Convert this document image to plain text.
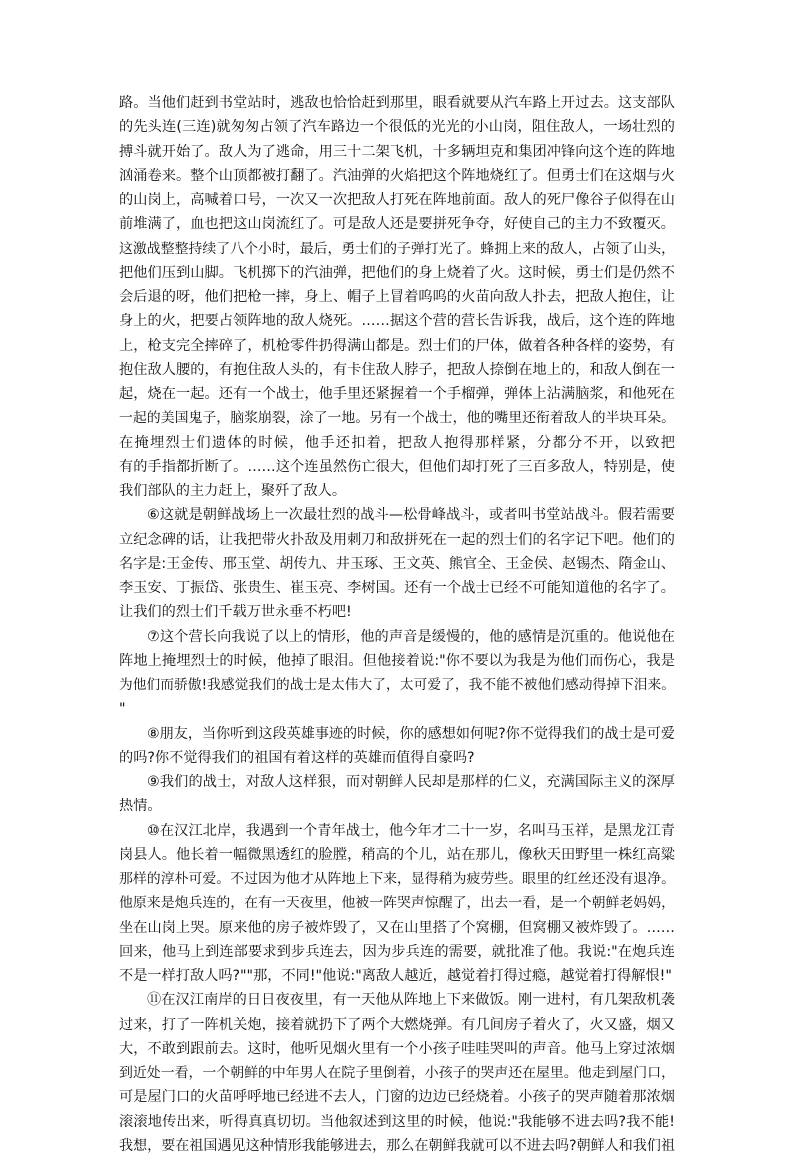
路。当他们赶到书堂站时，逃敌也恰恰赶到那里，眼看就要从汽车路上开过去。这支部队
的先头连(三连)就匆匆占领了汽车路边一个很低的光光的小山岗，阻住敌人，一场壮烈的
搏斗就开始了。敌人为了逃命，用三十二架飞机，十多辆坦克和集团冲锋向这个连的阵地
汹涌卷来。整个山顶都被打翻了。汽油弹的火焰把这个阵地烧红了。但勇士们在这烟与火
的山岗上，高喊着口号，一次又一次把敌人打死在阵地前面。敌人的死尸像谷子似得在山
前堆满了，血也把这山岗流红了。可是敌人还是要拼死争夺，好使自己的主力不致覆灭。
这激战整整持续了八个小时，最后，勇士们的子弹打光了。蜂拥上来的敌人，占领了山头，
把他们压到山脚。飞机掷下的汽油弹，把他们的身上烧着了火。这时候，勇士们是仍然不
会后退的呀，他们把枪一摔，身上、帽子上冒着呜呜的火苗向敌人扑去，把敌人抱住，让
身上的火，把要占领阵地的敌人烧死。……据这个营的营长告诉我，战后，这个连的阵地
上，枪支完全摔碎了，机枪零件扔得满山都是。烈士们的尸体，做着各种各样的姿势，有
抱住敌人腰的，有抱住敌人头的，有卡住敌人脖子，把敌人捺倒在地上的，和敌人倒在一
起，烧在一起。还有一个战士，他手里还紧握着一个手榴弹，弹体上沾满脑浆，和他死在
一起的美国鬼子，脑浆崩裂，涂了一地。另有一个战士，他的嘴里还衔着敌人的半块耳朵。
在掩埋烈士们遗体的时候，他手还扣着，把敌人抱得那样紧，分都分不开，以致把
有的手指都折断了。……这个连虽然伤亡很大，但他们却打死了三百多敌人，特别是，使
我们部队的主力赶上，聚歼了敌人。
⑥这就是朝鲜战场上一次最壮烈的战斗—松骨峰战斗，或者叫书堂站战斗。假若需要
立纪念碑的话，让我把带火扑敌及用刺刀和敌拼死在一起的烈士们的名字记下吧。他们的
名字是:王金传、邢玉堂、胡传九、井玉琢、王文英、熊官全、王金侯、赵锡杰、隋金山、
李玉安、丁振岱、张贵生、崔玉亮、李树国。还有一个战士已经不可能知道他的名字了。
让我们的烈士们千载万世永垂不朽吧!
⑦这个营长向我说了以上的情形，他的声音是缓慢的，他的感情是沉重的。他说他在
阵地上掩埋烈士的时候，他掉了眼泪。但他接着说:"你不要以为我是为他们而伤心，我是
为他们而骄傲!我感觉我们的战士是太伟大了，太可爱了，我不能不被他们感动得掉下泪来。
"
⑧朋友，当你听到这段英雄事迹的时候，你的感想如何呢?你不觉得我们的战士是可爱
的吗?你不觉得我们的祖国有着这样的英雄而值得自豪吗?
⑨我们的战士，对敌人这样狠，而对朝鲜人民却是那样的仁义，充满国际主义的深厚
热情。
⑩在汉江北岸，我遇到一个青年战士，他今年才二十一岁，名叫马玉祥，是黑龙江青
岗县人。他长着一幅微黑透红的脸膛，稍高的个儿，站在那儿，像秋天田野里一株红高粱
那样的淳朴可爱。不过因为他才从阵地上下来，显得稍为疲劳些。眼里的红丝还没有退净。
他原来是炮兵连的，在有一天夜里，他被一阵哭声惊醒了，出去一看，是一个朝鲜老妈妈，
坐在山岗上哭。原来他的房子被炸毁了，又在山里搭了个窝棚，但窝棚又被炸毁了。……
回来，他马上到连部要求到步兵连去，因为步兵连的需要，就批准了他。我说:"在炮兵连
不是一样打敌人吗?""那，不同!"他说:"离敌人越近，越觉着打得过瘾，越觉着打得解恨!"
⑪在汉江南岸的日日夜夜里，有一天他从阵地上下来做饭。刚一进村，有几架敌机袭
过来，打了一阵机关炮，接着就扔下了两个大燃烧弹。有几间房子着火了，火又盛，烟又
大，不敢到跟前去。这时，他听见烟火里有一个小孩子哇哇哭叫的声音。他马上穿过浓烟
到近处一看，一个朝鲜的中年男人在院子里倒着，小孩子的哭声还在屋里。他走到屋门口，
可是屋门口的火苗呼呼地已经进不去人，门窗的边边已经烧着。小孩子的哭声随着那浓烟
滚滚地传出来，听得真真切切。当他叙述到这里的时候，他说:"我能够不进去吗?我不能!
我想，要在祖国遇见这种情形我能够进去，那么在朝鲜我就可以不进去吗?朝鲜人和我们祖
